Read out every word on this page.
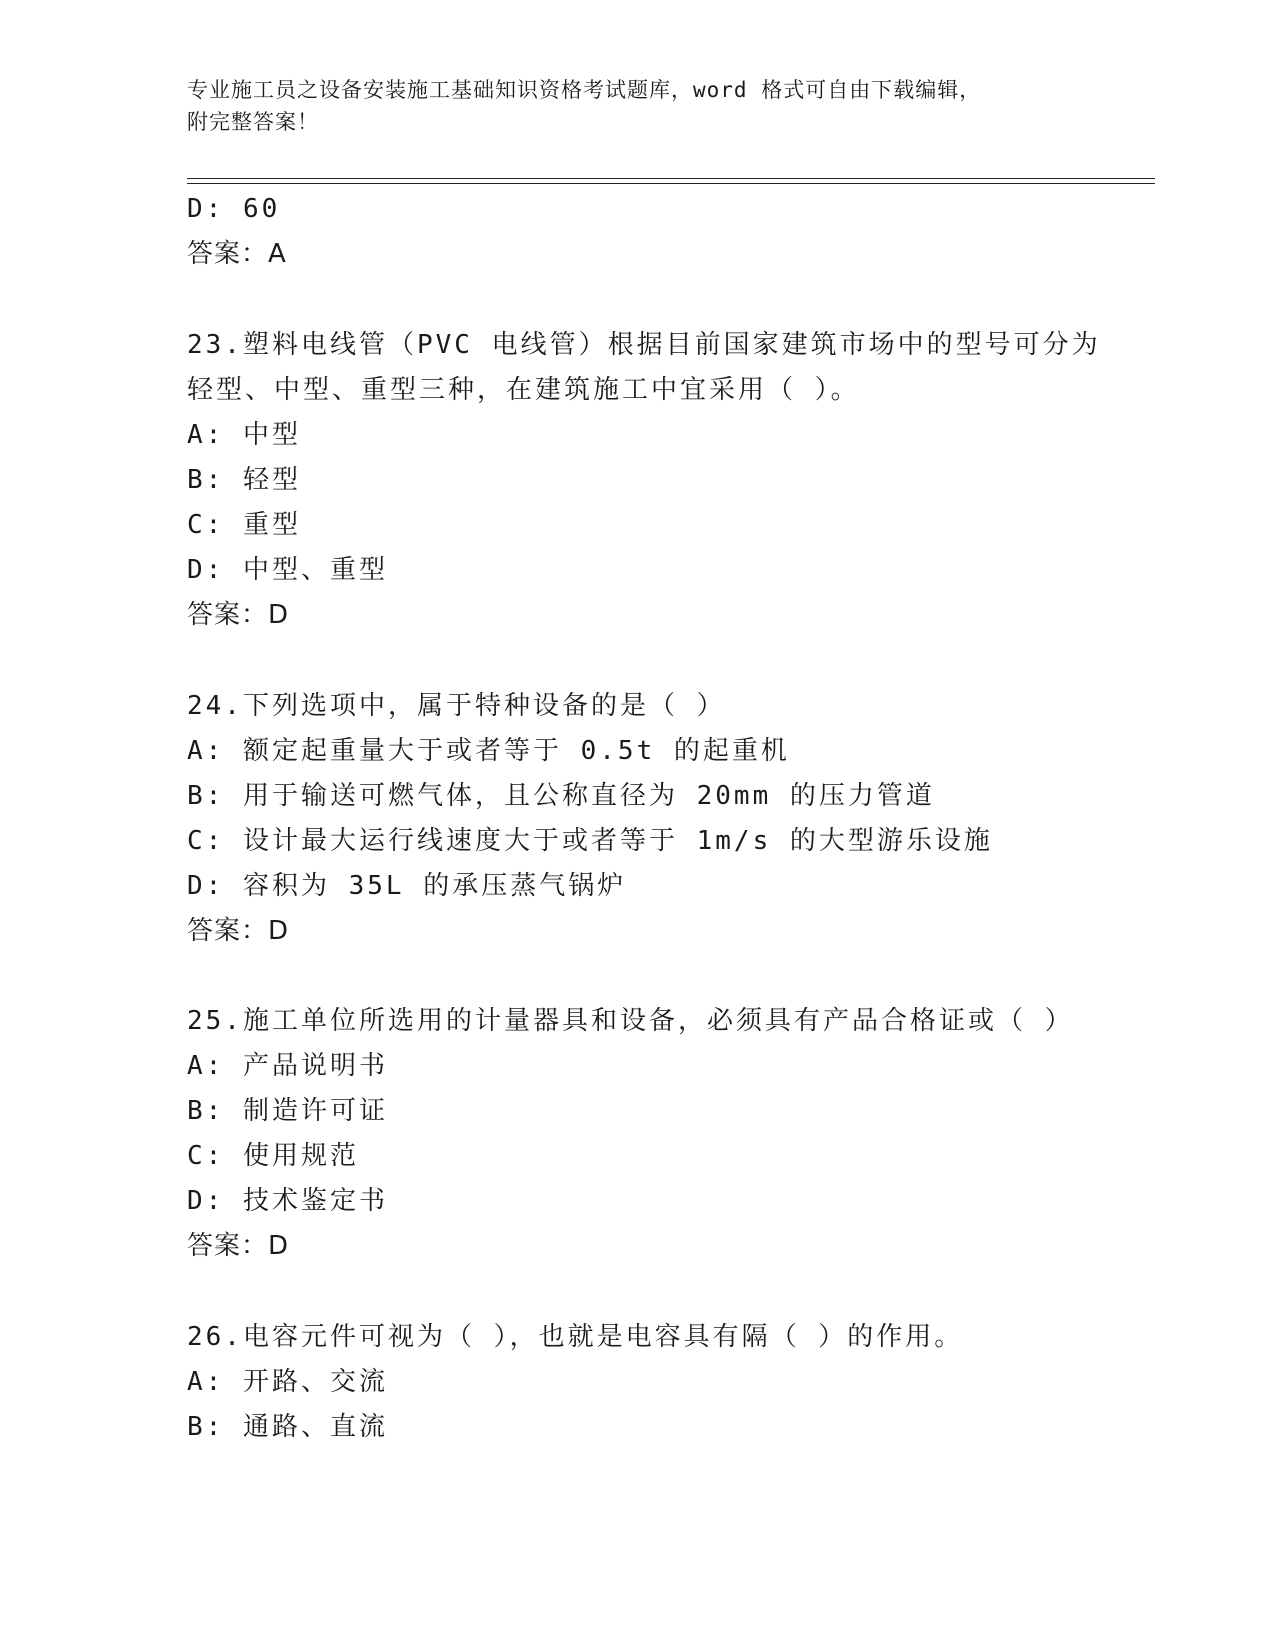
专业施工员之设备安装施工基础知识资格考试题库，word 格式可自由下载编辑，
附完整答案！
D: 60
答案：A
23.塑料电线管（PVC 电线管）根据目前国家建筑市场中的型号可分为
轻型、中型、重型三种，在建筑施工中宜采用（ ）。
A: 中型
B: 轻型
C: 重型
D: 中型、重型
答案：D
24.下列选项中，属于特种设备的是（ ）
A: 额定起重量大于或者等于 0.5t 的起重机
B: 用于输送可燃气体，且公称直径为 20mm 的压力管道
C: 设计最大运行线速度大于或者等于 1m/s 的大型游乐设施
D: 容积为 35L 的承压蒸气锅炉
答案：D
25.施工单位所选用的计量器具和设备，必须具有产品合格证或（ ）
A: 产品说明书
B: 制造许可证
C: 使用规范
D: 技术鉴定书
答案：D
26.电容元件可视为（ ），也就是电容具有隔（ ）的作用。
A: 开路、交流
B: 通路、直流
